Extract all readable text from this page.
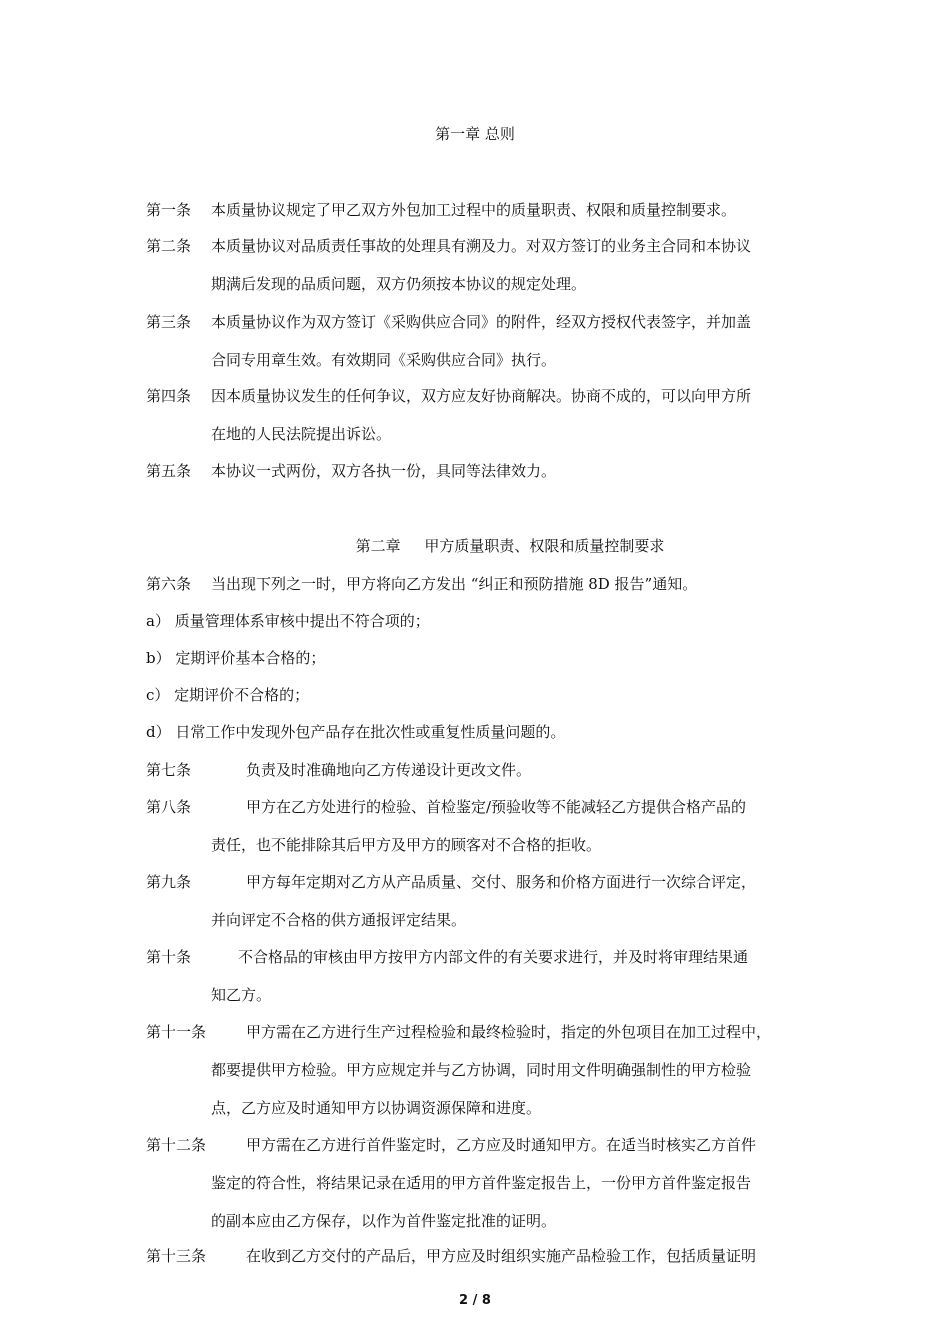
第一章 总则
第一条 本质量协议规定了甲乙双方外包加工过程中的质量职责、权限和质量控制要求。
第二条 本质量协议对品质责任事故的处理具有溯及力。对双方签订的业务主合同和本协议
期满后发现的品质问题，双方仍须按本协议的规定处理。
第三条 本质量协议作为双方签订《采购供应合同》的附件，经双方授权代表签字，并加盖
合同专用章生效。有效期同《采购供应合同》执行。
第四条 因本质量协议发生的任何争议，双方应友好协商解决。协商不成的，可以向甲方所
在地的人民法院提出诉讼。
第五条 本协议一式两份，双方各执一份，具同等法律效力。
第二章     甲方质量职责、权限和质量控制要求
第六条 当出现下列之一时，甲方将向乙方发出 “纠正和预防措施 8D 报告”通知。
a） 质量管理体系审核中提出不符合项的；
b） 定期评价基本合格的；
c） 定期评价不合格的；
d） 日常工作中发现外包产品存在批次性或重复性质量问题的。
第七条	负责及时准确地向乙方传递设计更改文件。
第八条	甲方在乙方处进行的检验、首检鉴定/预验收等不能减轻乙方提供合格产品的
责任，也不能排除其后甲方及甲方的顾客对不合格的拒收。
第九条	甲方每年定期对乙方从产品质量、交付、服务和价格方面进行一次综合评定，
并向评定不合格的供方通报评定结果。
第十条	不合格品的审核由甲方按甲方内部文件的有关要求进行，并及时将审理结果通
知乙方。
第十一条	甲方需在乙方进行生产过程检验和最终检验时，指定的外包项目在加工过程中，
都要提供甲方检验。甲方应规定并与乙方协调，同时用文件明确强制性的甲方检验
点，乙方应及时通知甲方以协调资源保障和进度。
第十二条	甲方需在乙方进行首件鉴定时，乙方应及时通知甲方。在适当时核实乙方首件
鉴定的符合性，将结果记录在适用的甲方首件鉴定报告上，一份甲方首件鉴定报告
的副本应由乙方保存，以作为首件鉴定批准的证明。
第十三条	在收到乙方交付的产品后，甲方应及时组织实施产品检验工作，包括质量证明
2 / 8
